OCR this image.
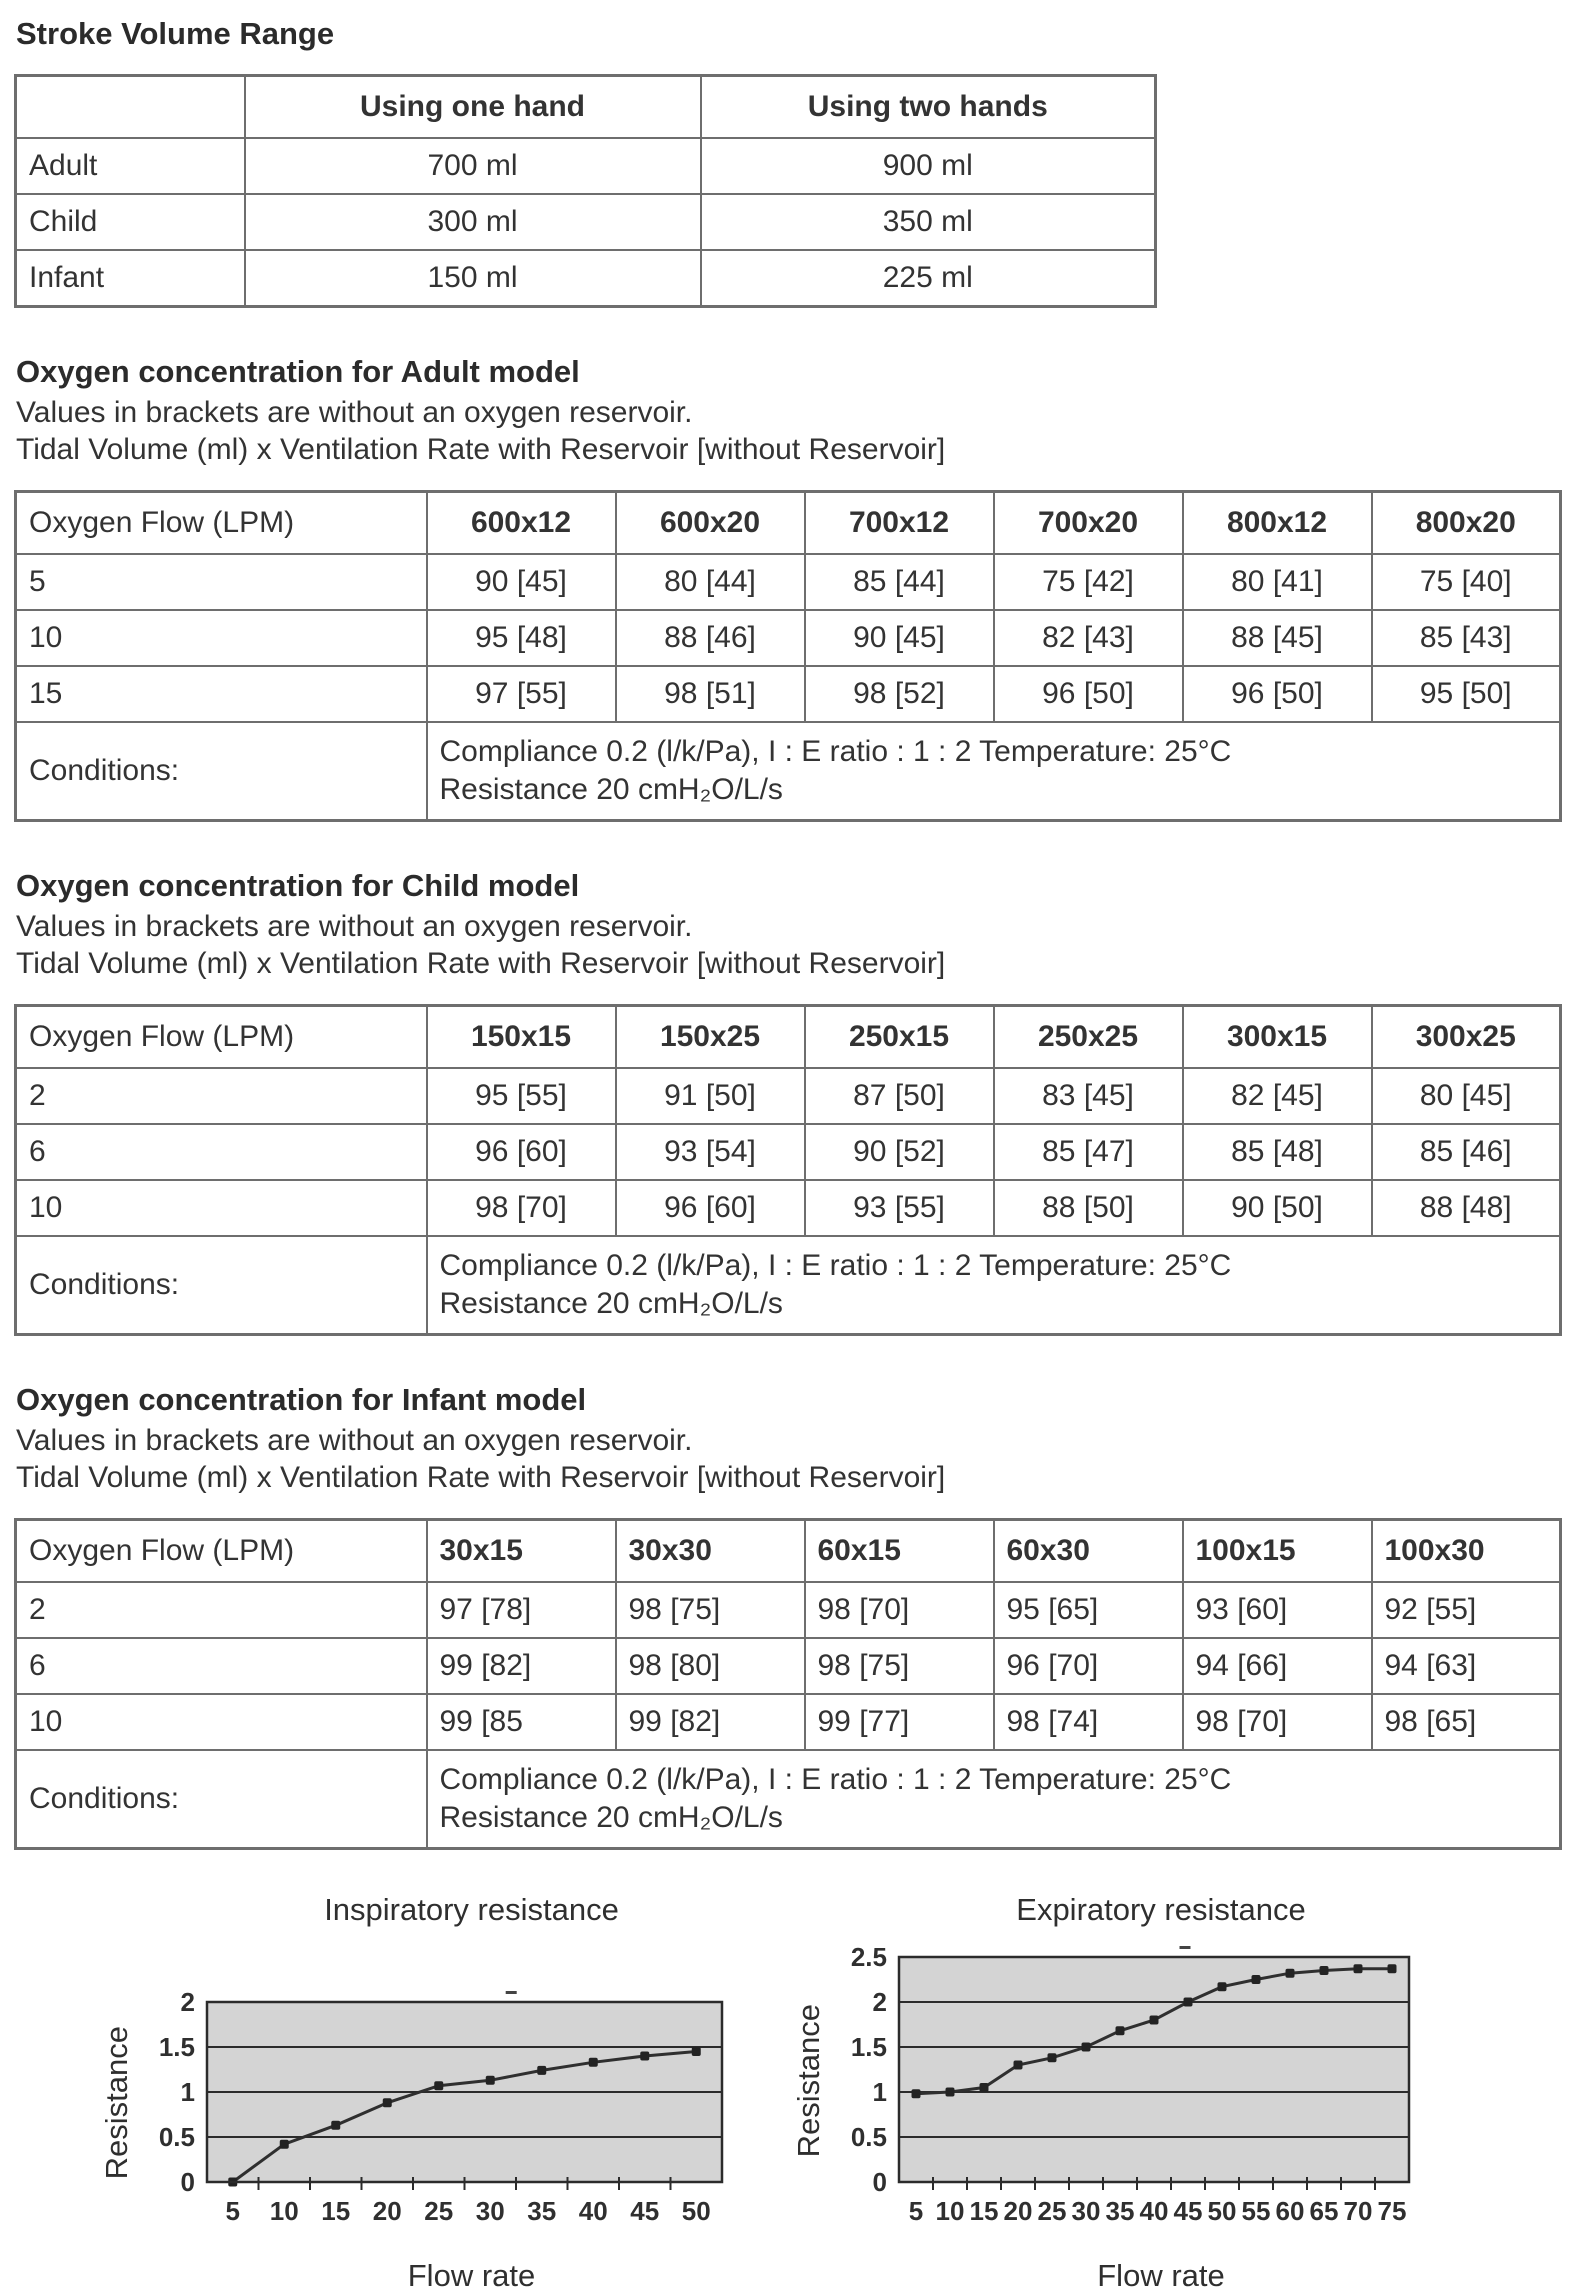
Stroke Volume Range
	Using one hand	Using two hands
Adult	700 ml	900 ml
Child	300 ml	350 ml
Infant	150 ml	225 ml
Oxygen concentration for Adult model

Values in brackets are without an oxygen reservoir.

Tidal Volume (ml) x Ventilation Rate with Reservoir [without Reservoir]

Oxygen Flow (LPM)	600x12	600x20	700x12	700x20	800x12	800x20
5	90 [45]	80 [44]	85 [44]	75 [42]	80 [41]	75 [40]
10	95 [48]	88 [46]	90 [45]	82 [43]	88 [45]	85 [43]
15	97 [55]	98 [51]	98 [52]	96 [50]	96 [50]	95 [50]
Conditions:	Compliance 0.2 (l/k/Pa), I : E ratio : 1 : 2 Temperature: 25°C
Resistance 20 cmH₂O/L/s					
Oxygen concentration for Child model

Values in brackets are without an oxygen reservoir.

Tidal Volume (ml) x Ventilation Rate with Reservoir [without Reservoir]

Oxygen Flow (LPM)	150x15	150x25	250x15	250x25	300x15	300x25
2	95 [55]	91 [50]	87 [50]	83 [45]	82 [45]	80 [45]
6	96 [60]	93 [54]	90 [52]	85 [47]	85 [48]	85 [46]
10	98 [70]	96 [60]	93 [55]	88 [50]	90 [50]	88 [48]
Conditions:	Compliance 0.2 (l/k/Pa), I : E ratio : 1 : 2 Temperature: 25°C
Resistance 20 cmH₂O/L/s					
Oxygen concentration for Infant model

Values in brackets are without an oxygen reservoir.

Tidal Volume (ml) x Ventilation Rate with Reservoir [without Reservoir]

Oxygen Flow (LPM)	30x15	30x30	60x15	60x30	100x15	100x30
2	97 [78]	98 [75]	98 [70]	95 [65]	93 [60]	92 [55]
6	99 [82]	98 [80]	98 [75]	96 [70]	94 [66]	94 [63]
10	99 [85	99 [82]	99 [77]	98 [74]	98 [70]	98 [65]
Conditions:	Compliance 0.2 (l/k/Pa), I : E ratio : 1 : 2 Temperature: 25°C
Resistance 20 cmH₂O/L/s					
Inspiratory resistance
Resistance
0
0.5
1
1.5
2
5 10 15 20 25 30 35 40 45 50
Flow rate
Expiratory resistance
Resistance
0
0.5
1
1.5
2
2.5
5 10 15 20 25 30 35 40 45 50 55 60 65 70 75
Flow rate
